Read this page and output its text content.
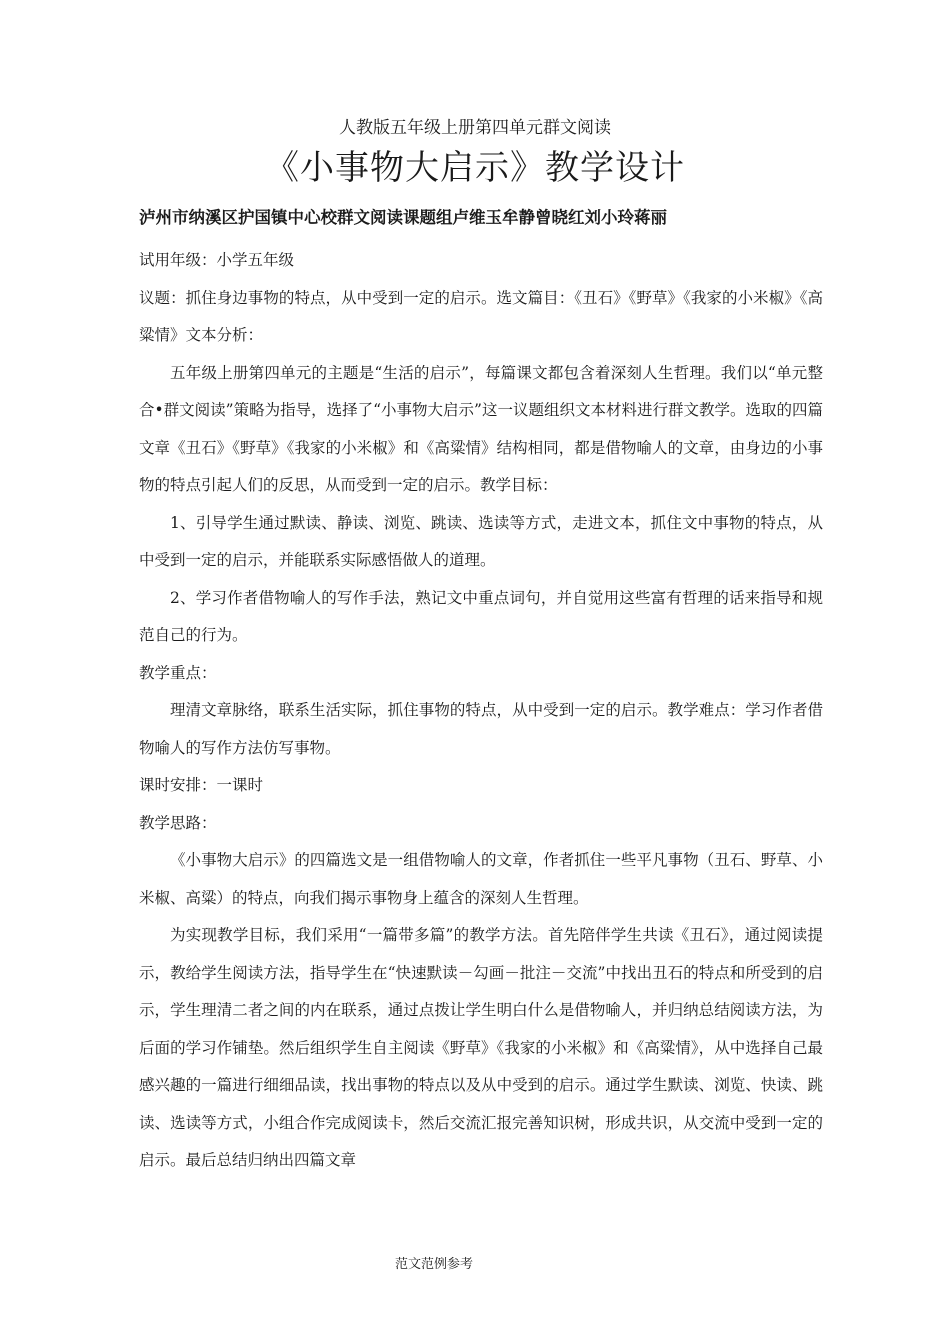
人教版五年级上册第四单元群文阅读
《小事物大启示》教学设计
泸州市纳溪区护国镇中心校群文阅读课题组卢维玉牟静曾晓红刘小玲蒋丽

试用年级：小学五年级

议题：抓住身边事物的特点，从中受到一定的启示。选文篇目：《丑石》《野草》《我家的小米椒》《高粱情》文本分析：

五年级上册第四单元的主题是“生活的启示”，每篇课文都包含着深刻人生哲理。我们以“单元整合•群文阅读”策略为指导，选择了“小事物大启示”这一议题组织文本材料进行群文教学。选取的四篇文章《丑石》《野草》《我家的小米椒》和《高粱情》结构相同，都是借物喻人的文章，由身边的小事物的特点引起人们的反思，从而受到一定的启示。教学目标：

1、引导学生通过默读、静读、浏览、跳读、选读等方式，走进文本，抓住文中事物的特点，从中受到一定的启示，并能联系实际感悟做人的道理。

2、学习作者借物喻人的写作手法，熟记文中重点词句，并自觉用这些富有哲理的话来指导和规范自己的行为。

教学重点：

理清文章脉络，联系生活实际，抓住事物的特点，从中受到一定的启示。教学难点：学习作者借物喻人的写作方法仿写事物。

课时安排：一课时

教学思路：

《小事物大启示》的四篇选文是一组借物喻人的文章，作者抓住一些平凡事物（丑石、野草、小米椒、高粱）的特点，向我们揭示事物身上蕴含的深刻人生哲理。

为实现教学目标，我们采用“一篇带多篇”的教学方法。首先陪伴学生共读《丑石》，通过阅读提示，教给学生阅读方法，指导学生在“快速默读－勾画－批注－交流”中找出丑石的特点和所受到的启示，学生理清二者之间的内在联系，通过点拨让学生明白什么是借物喻人，并归纳总结阅读方法，为后面的学习作铺垫。然后组织学生自主阅读《野草》《我家的小米椒》和《高粱情》，从中选择自己最感兴趣的一篇进行细细品读，找出事物的特点以及从中受到的启示。通过学生默读、浏览、快读、跳读、选读等方式，小组合作完成阅读卡，然后交流汇报完善知识树，形成共识，从交流中受到一定的启示。最后总结归纳出四篇文章

范文范例参考
